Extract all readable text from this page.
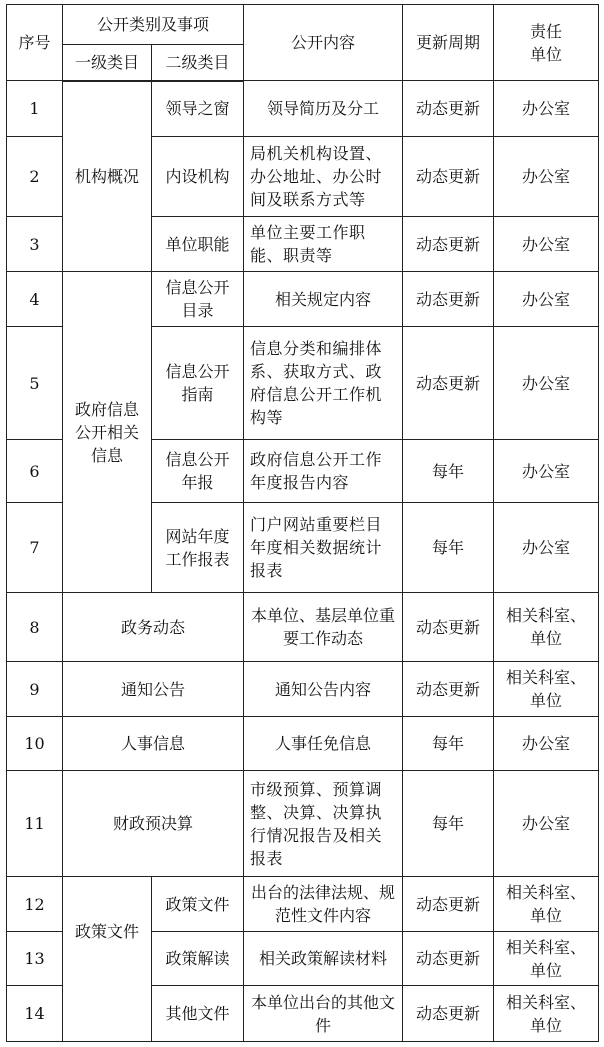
序号	公开类别及事项		公开内容	更新周期	责任
单位

	一级类目	二级类目			
1	机构概况	领导之窗	领导简历及分工	动态更新	办公室
2		内设机构	局机关机构设置、办公地址、办公时间及联系方式等	动态更新	办公室
3		单位职能	单位主要工作职能、职责等	动态更新	办公室
4	政府信息公开相关信息	信息公开目录	相关规定内容	动态更新	办公室
5		信息公开指南	信息分类和编排体系、获取方式、政府信息公开工作机构等	动态更新	办公室
6		信息公开年报	政府信息公开工作年度报告内容	每年	办公室
7		网站年度工作报表	门户网站重要栏目年度相关数据统计报表	每年	办公室
8	政务动态		本单位、基层单位重要工作动态	动态更新	相关科室、单位
9	通知公告		通知公告内容	动态更新	相关科室、单位
10	人事信息		人事任免信息	每年	办公室
11	财政预决算		市级预算、预算调整、决算、决算执行情况报告及相关报表	每年	办公室
12	政策文件	政策文件	出台的法律法规、规范性文件内容	动态更新	相关科室、单位
13		政策解读	相关政策解读材料	动态更新	相关科室、单位
14		其他文件	本单位出台的其他文件	动态更新	相关科室、单位
